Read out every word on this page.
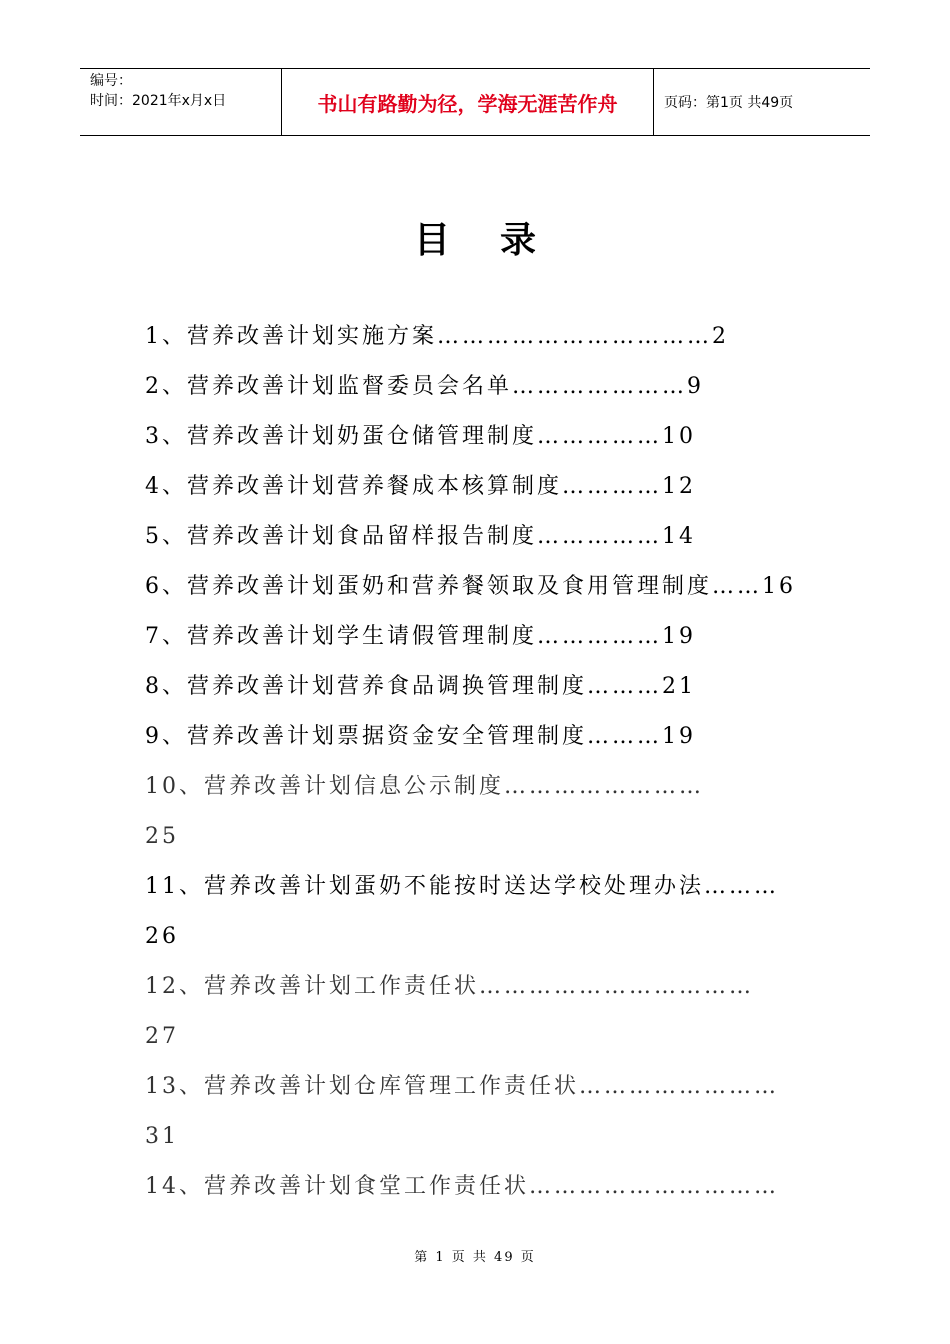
编号：
时间：2021年x月x日	书山有路勤为径，学海无涯苦作舟	页码：第1页 共49页
目录
1、营养改善计划实施方案……………………………2
2、营养改善计划监督委员会名单…………………9
3、营养改善计划奶蛋仓储管理制度……………10
4、营养改善计划营养餐成本核算制度…………12
5、营养改善计划食品留样报告制度……………14
6、营养改善计划蛋奶和营养餐领取及食用管理制度……16
7、营养改善计划学生请假管理制度……………19
8、营养改善计划营养食品调换管理制度………21
9、营养改善计划票据资金安全管理制度………19
10、营养改善计划信息公示制度……………………
25
11、营养改善计划蛋奶不能按时送达学校处理办法………
26
12、营养改善计划工作责任状……………………………
27
13、营养改善计划仓库管理工作责任状……………………
31
14、营养改善计划食堂工作责任状…………………………
第 1 页 共 49 页
